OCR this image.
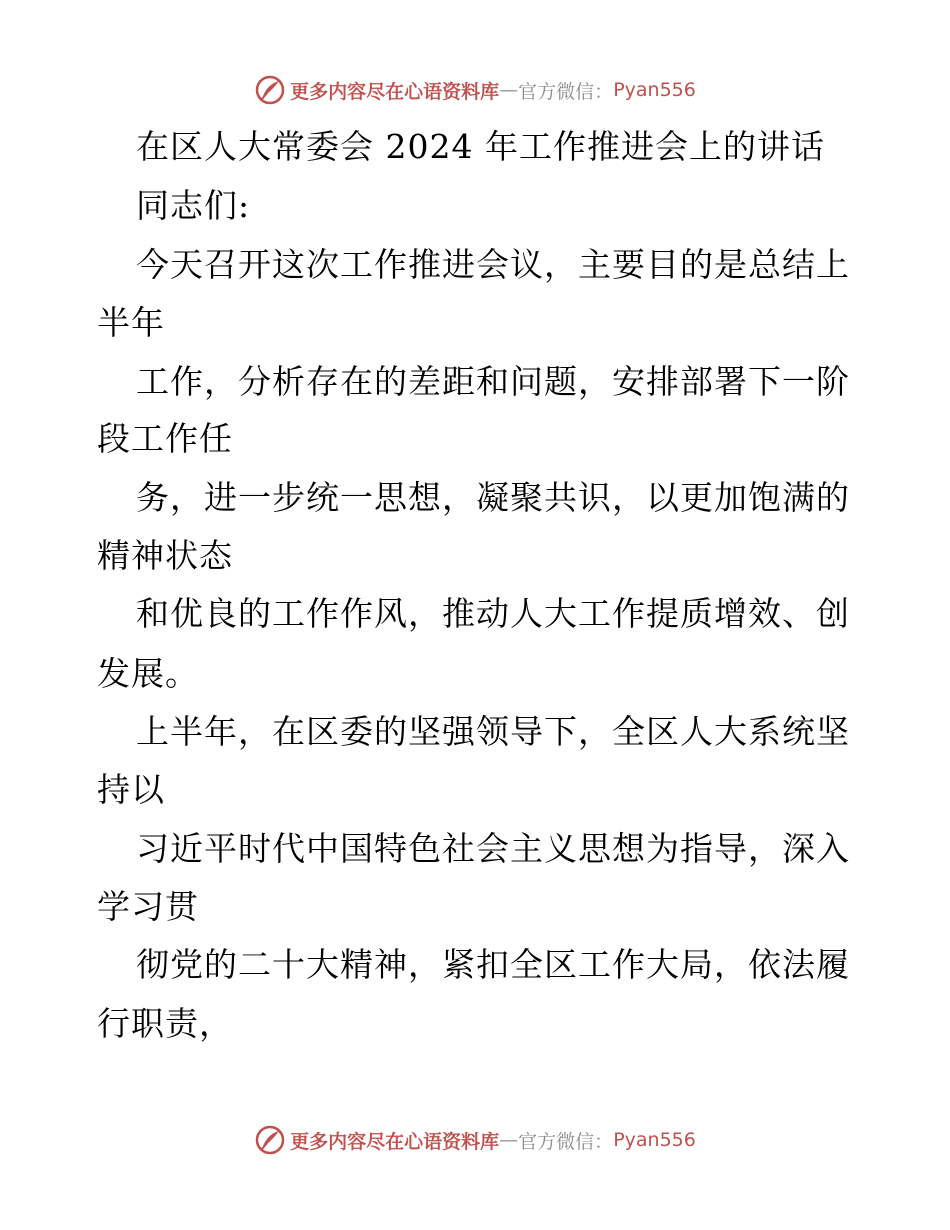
更多内容尽在心语资料库 — 官方微信： Pyan556
在区人大常委会 2024 年工作推进会上的讲话
同志们:
今天召开这次工作推进会议，主要目的是总结上
半年
工作，分析存在的差距和问题，安排部署下一阶
段工作任
务，进一步统一思想，凝聚共识，以更加饱满的
精神状态
和优良的工作作风，推动人大工作提质增效、创
发展。
上半年，在区委的坚强领导下，全区人大系统坚
持以
习近平时代中国特色社会主义思想为指导，深入
学习贯
彻党的二十大精神，紧扣全区工作大局，依法履
行职责，
更多内容尽在心语资料库 — 官方微信： Pyan556
